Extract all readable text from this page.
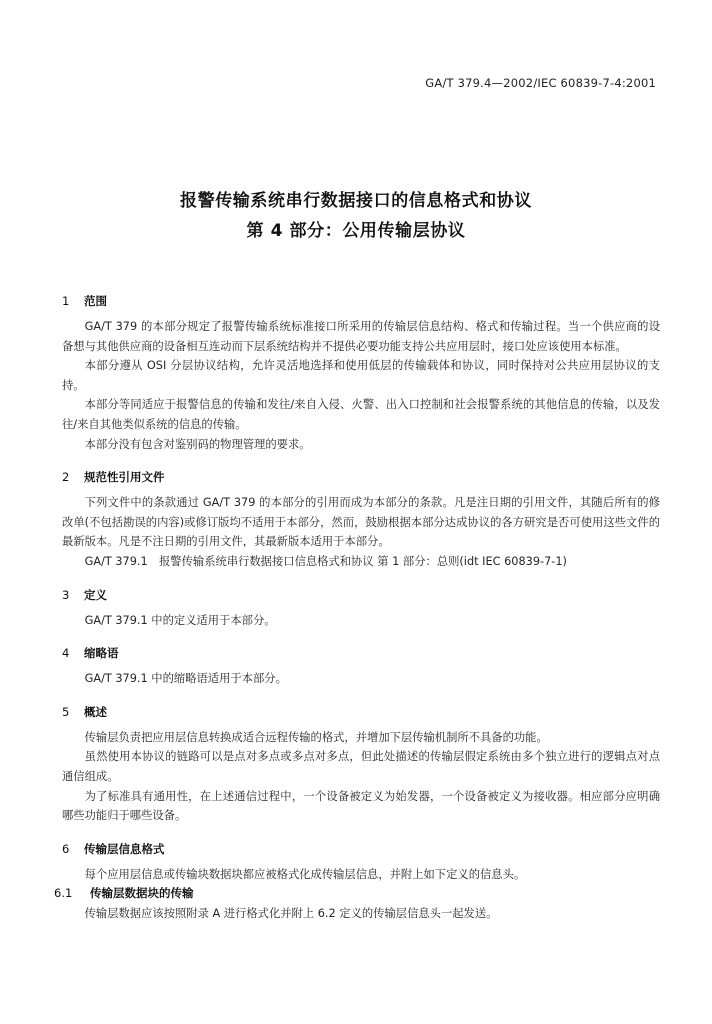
GA/T 379.4—2002/IEC 60839-7-4:2001
报警传输系统串行数据接口的信息格式和协议
第 4 部分：公用传输层协议
1 范围

GA/T 379 的本部分规定了报警传输系统标准接口所采用的传输层信息结构、格式和传输过程。当一个供应商的设备想与其他供应商的设备相互连动而下层系统结构并不提供必要功能支持公共应用层时，接口处应该使用本标准。

本部分遵从 OSI 分层协议结构，允许灵活地选择和使用低层的传输载体和协议，同时保持对公共应用层协议的支持。

本部分等同适应于报警信息的传输和发往/来自入侵、火警、出入口控制和社会报警系统的其他信息的传输，以及发往/来自其他类似系统的信息的传输。

本部分没有包含对鉴别码的物理管理的要求。

2 规范性引用文件

下列文件中的条款通过 GA/T 379 的本部分的引用而成为本部分的条款。凡是注日期的引用文件，其随后所有的修改单(不包括勘误的内容)或修订版均不适用于本部分，然而，鼓励根据本部分达成协议的各方研究是否可使用这些文件的最新版本。凡是不注日期的引用文件，其最新版本适用于本部分。

GA/T 379.1　报警传输系统串行数据接口信息格式和协议 第 1 部分：总则(idt IEC 60839-7-1)

3 定义

GA/T 379.1 中的定义适用于本部分。

4 缩略语

GA/T 379.1 中的缩略语适用于本部分。

5 概述

传输层负责把应用层信息转换成适合远程传输的格式，并增加下层传输机制所不具备的功能。

虽然使用本协议的链路可以是点对多点或多点对多点，但此处描述的传输层假定系统由多个独立进行的逻辑点对点通信组成。

为了标准具有通用性，在上述通信过程中，一个设备被定义为始发器，一个设备被定义为接收器。相应部分应明确哪些功能归于哪些设备。

6 传输层信息格式

每个应用层信息或传输块数据块都应被格式化成传输层信息，并附上如下定义的信息头。

6.1 传输层数据块的传输

传输层数据应该按照附录 A 进行格式化并附上 6.2 定义的传输层信息头一起发送。
